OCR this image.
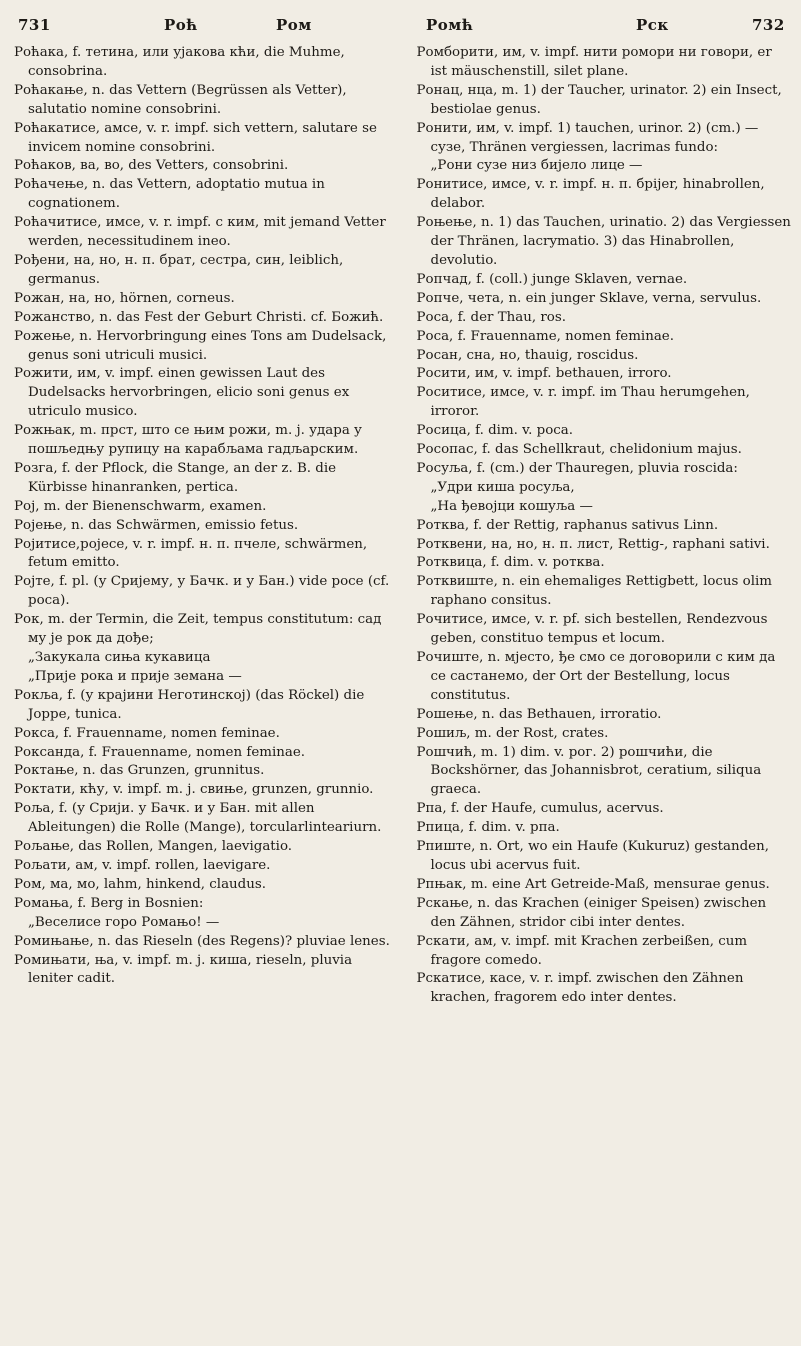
731	Роћ	Ром	Ромћ	Рск	732

Роћака, f. тетина, или ујакова кћи, die Muhme, consobrina.

Роћакање, n. das Vettern (Begrüssen als Vetter), salutatio nomine consobrini.

Роћакатисе, амсе, v. r. impf. sich vettern, salutare se invicem nomine consobrini.

Роћаков, ва, во, des Vetters, consobrini.

Роћачење, n. das Vettern, adoptatio mutua in cognationem.

Роћачитисе, имсе, v. r. impf. с ким, mit jemand Vetter werden, necessitudinem ineo.

Рођени, на, но, н. п. брат, сестра, син, leiblich, germanus.

Рожан, на, но, hörnen, corneus.

Рожанство, n. das Fest der Geburt Christi. cf. Божић.

Рожење, n. Hervorbringung eines Tons am Dudelsack, genus soni utriculi musici.

Рожити, им, v. impf. einen gewissen Laut des Dudelsacks hervorbringen, elicio soni genus ex utriculo musico.

Рожњак, m. прст, што се њим рожи, m. j. удара у пошљедњу рупицу на карабљама гадљарским.

Розга, f. der Pflock, die Stange, an der z. B. die Kürbisse hinanranken, pertica.

Рој, m. der Bienenschwarm, examen.

Ројење, n. das Schwärmen, emissio fetus.

Ројитисе,ројесе, v. r. impf. н. п. пчеле, schwärmen, fetum emitto.

Ројте, f. pl. (у Сријему, у Бачк. и у Бан.) vide росе (cf. роса).

Рок, m. der Termin, die Zeit, tempus constitutum: сад му је рок да дође;

„Закукала сиња кукавица

„Прије рока и прије земана —

Рокља, f. (у крајини Неготинској) (das Röckel) die Joppe, tunica.

Рокса, f. Frauenname, nomen feminae.

Роксанда, f. Frauenname, nomen feminae.

Роктање, n. das Grunzen, grunnitus.

Роктати, кћу, v. impf. m. j. свиње, grunzen, grunnio.

Роља, f. (у Срији. у Бачк. и у Бан. mit allen Ableitungen) die Rolle (Mange), torcularlinteariurn.

Рољање, das Rollen, Mangen, laevigatio.

Рољати, ам, v. impf. rollen, laevigare.

Ром, ма, мо, lahm, hinkend, claudus.

Ромања, f. Berg in Bosnien:

„Веселисе горо Ромањо! —

Ромињање, n. das Rieseln (des Regens)? pluviae lenes.

Ромињати, ња, v. impf. m. j. киша, rieseln, pluvia leniter cadit.

Ромборити, им, v. impf. нити ромори ни говори, er ist mäuschenstill, silet plane.

Ронац, нца, m. 1) der Taucher, urinator. 2) ein Insect, bestiolae genus.

Ронити, им, v. impf. 1) tauchen, urinor. 2) (cm.) — сузе, Thränen vergiessen, lacrimas fundo:

„Рони сузе низ бијело лице —

Ронитисе, имсе, v. r. impf. н. п. брijer, hinabrollen, delabor.

Роњење, n. 1) das Tauchen, urinatio. 2) das Vergiessen der Thränen, lacrymatio. 3) das Hinabrollen, devolutio.

Ропчад, f. (coll.) junge Sklaven, vernae.

Ропче, чета, n. ein junger Sklave, verna, servulus.

Роса, f. der Thau, ros.

Роса, f. Frauenname, nomen feminae.

Росан, сна, но, thauig, roscidus.

Росити, им, v. impf. bethauen, irroro.

Роситисе, имсе, v. r. impf. im Thau herumgehen, irroror.

Росица, f. dim. v. роса.

Росопас, f. das Schellkraut, chelidonium majus.

Росуља, f. (cm.) der Thauregen, pluvia roscida:

„Удри киша росуља,

„На ђевојци кошуља —

Ротква, f. der Rettig, raphanus sativus Linn.

Ротквени, на, но, н. п. лист, Rettig-, raphani sativi.

Ротквица, f. dim. v. ротква.

Ротквиште, n. ein ehemaliges Rettigbett, locus olim raphano consitus.

Рочитисе, имсе, v. r. pf. sich bestellen, Rendezvous geben, constituo tempus et locum.

Рочиште, n. мјесто, ђе смо се договорили с ким да се састанемо, der Ort der Bestellung, locus constitutus.

Рошење, n. das Bethauen, irroratio.

Рошиљ, m. der Rost, crates.

Рошчић, m. 1) dim. v. рог. 2) рошчићи, die Bockshörner, das Johannisbrot, ceratium, siliqua graeca.

Рпа, f. der Haufe, cumulus, acervus.

Рпица, f. dim. v. рпа.

Рпиште, n. Ort, wo ein Haufe (Kukuruz) gestanden, locus ubi acervus fuit.

Рпњак, m. eine Art Getreide-Maß, mensurae genus.

Рскање, n. das Krachen (einiger Speisen) zwischen den Zähnen, stridor cibi inter dentes.

Рскати, ам, v. impf. mit Krachen zerbeißen, cum fragore comedo.

Рскатисе, касе, v. r. impf. zwischen den Zähnen krachen, fragorem edo inter dentes.
